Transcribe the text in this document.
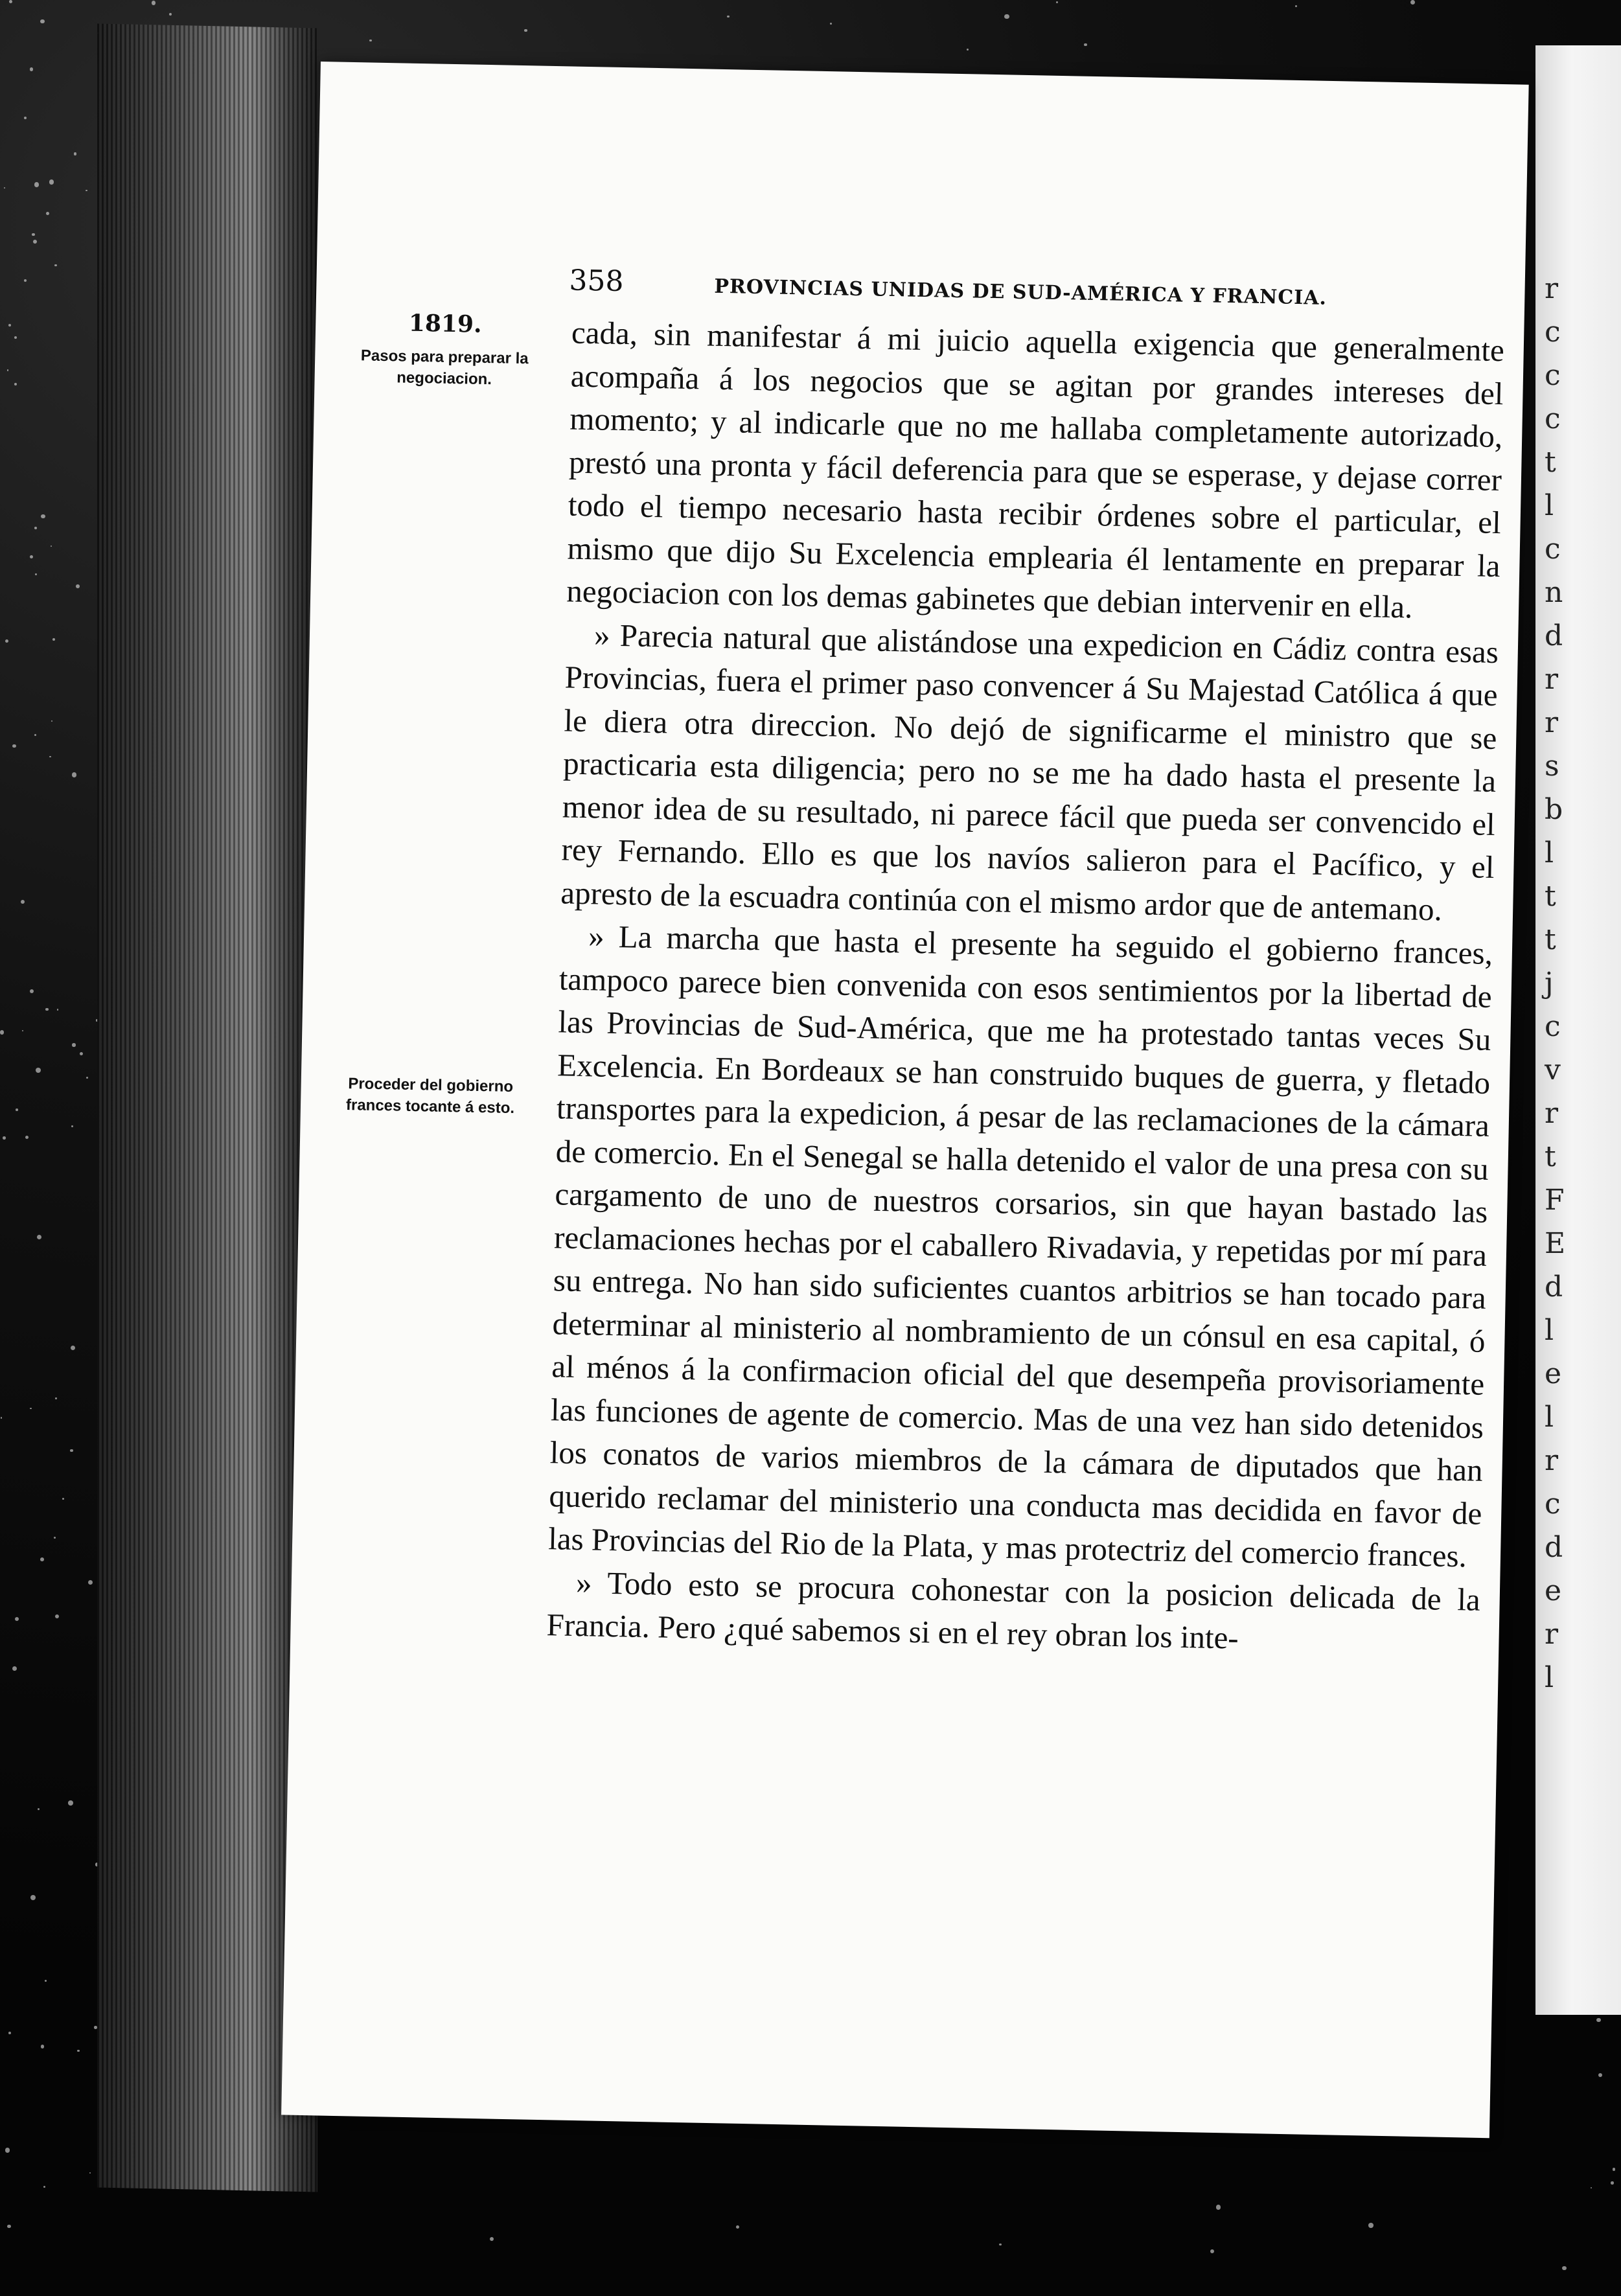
r
c
c
c
t
l
c
n
d
r
r
s
b
l
t
t
j
c
v
r
t
F
E
d
l
e
l
r
c
d
e
r
l
358	PROVINCIAS UNIDAS DE SUD-AMÉRICA Y FRANCIA.

1819.

Pasos para preparar la negociacion.

Proceder del gobierno frances tocante á esto.

cada, sin manifestar á mi juicio aquella exigencia que generalmente acompaña á los negocios que se agitan por grandes intereses del momento; y al indicarle que no me hallaba completamente autorizado, prestó una pronta y fácil deferencia para que se esperase, y dejase correr todo el tiempo necesario hasta recibir órdenes sobre el particular, el mismo que dijo Su Excelencia emplearia él lentamente en preparar la negociacion con los demas gabinetes que debian intervenir en ella.

» Parecia natural que alistándose una expedicion en Cádiz contra esas Provincias, fuera el primer paso convencer á Su Majestad Católica á que le diera otra direccion. No dejó de significarme el ministro que se practicaria esta diligencia; pero no se me ha dado hasta el presente la menor idea de su resultado, ni parece fácil que pueda ser convencido el rey Fernando. Ello es que los navíos salieron para el Pacífico, y el apresto de la escuadra continúa con el mismo ardor que de antemano.

» La marcha que hasta el presente ha seguido el gobierno frances, tampoco parece bien convenida con esos sentimientos por la libertad de las Provincias de Sud-América, que me ha protestado tantas veces Su Excelencia. En Bordeaux se han construido buques de guerra, y fletado transportes para la expedicion, á pesar de las reclamaciones de la cámara de comercio. En el Senegal se halla detenido el valor de una presa con su cargamento de uno de nuestros corsarios, sin que hayan bastado las reclamaciones hechas por el caballero Rivadavia, y repetidas por mí para su entrega. No han sido suficientes cuantos arbitrios se han tocado para determinar al ministerio al nombramiento de un cónsul en esa capital, ó al ménos á la confirmacion oficial del que desempeña provisoriamente las funciones de agente de comercio. Mas de una vez han sido detenidos los conatos de varios miembros de la cámara de diputados que han querido reclamar del ministerio una conducta mas decidida en favor de las Provincias del Rio de la Plata, y mas protectriz del comercio frances.

» Todo esto se procura cohonestar con la posicion delicada de la Francia. Pero ¿qué sabemos si en el rey obran los inte-
